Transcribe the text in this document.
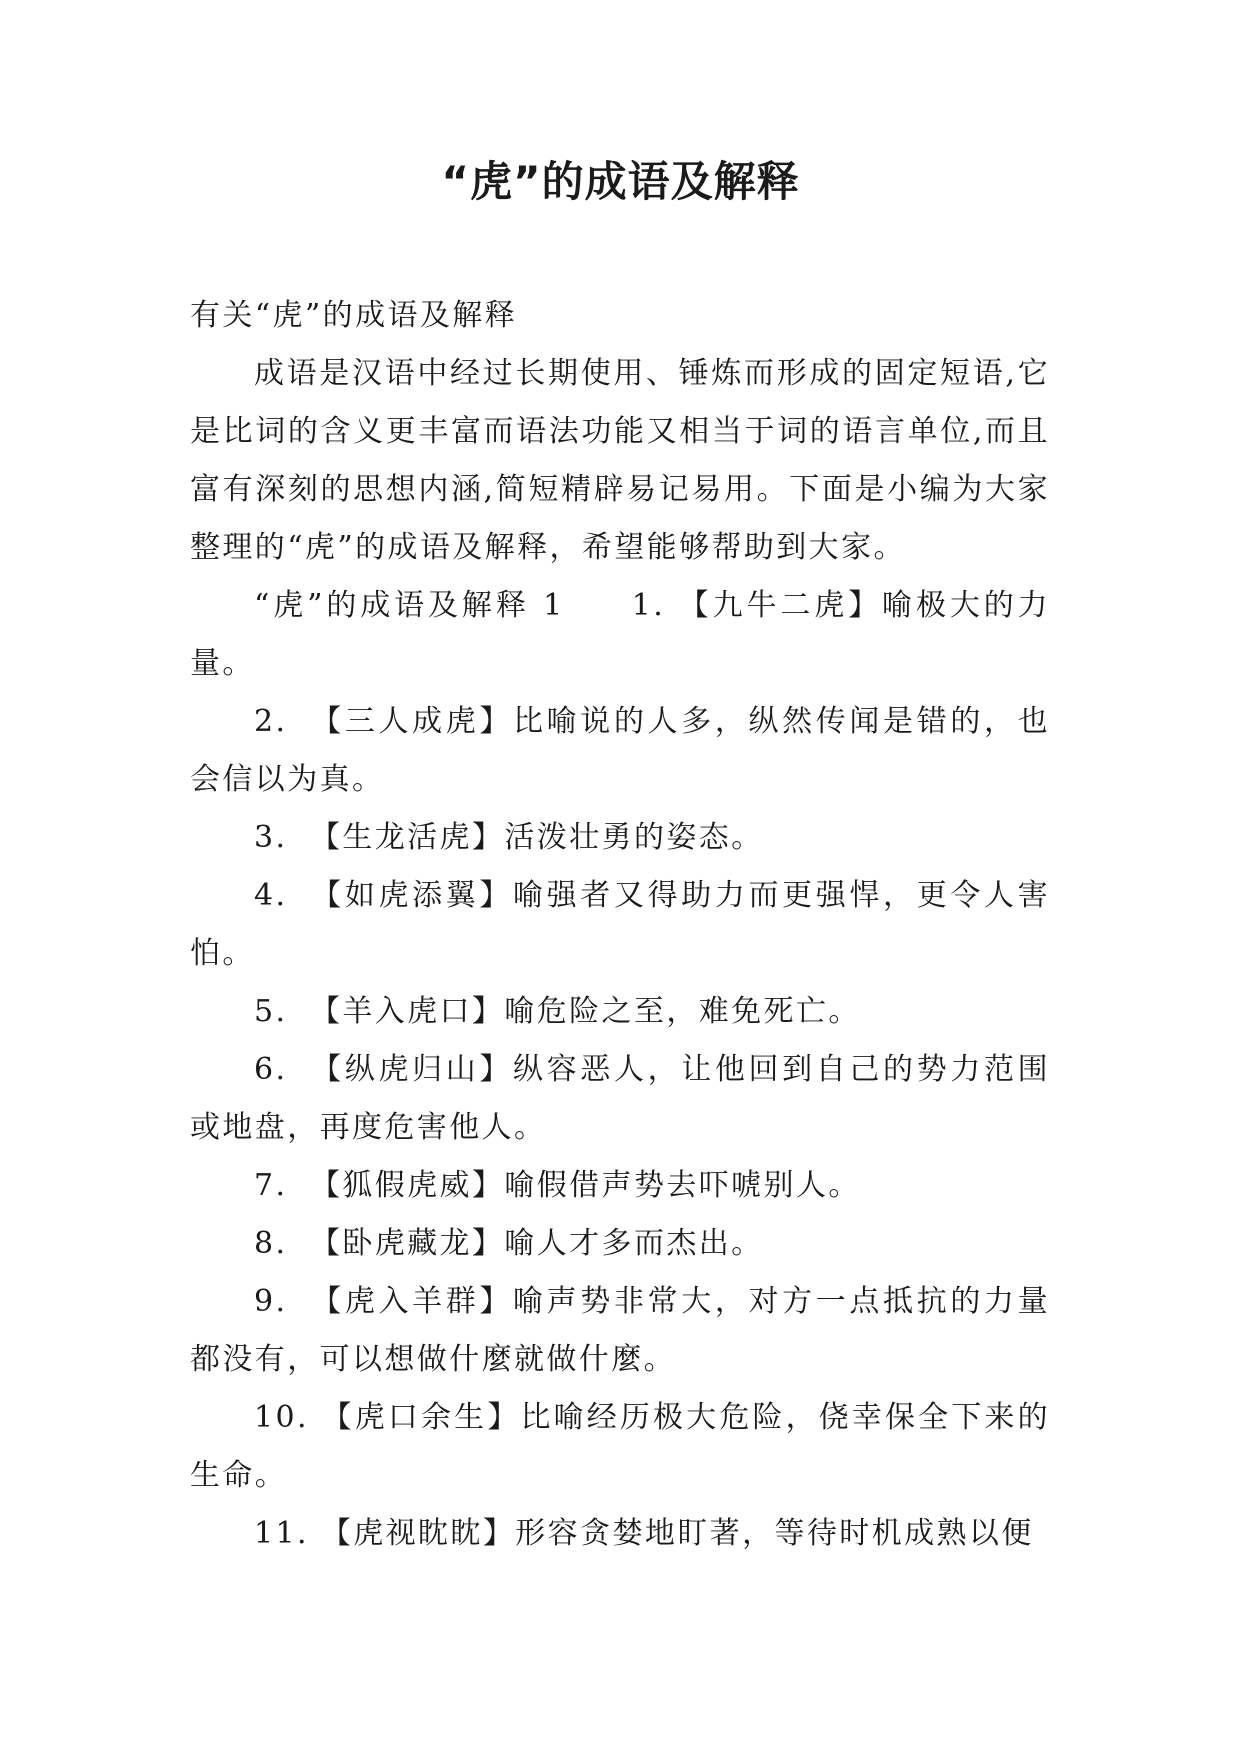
“虎”的成语及解释

有关“虎”的成语及解释

成语是汉语中经过长期使用、锤炼而形成的固定短语,它是比词的含义更丰富而语法功能又相当于词的语言单位,而且富有深刻的思想内涵,简短精辟易记易用。下面是小编为大家整理的“虎”的成语及解释，希望能够帮助到大家。

“虎”的成语及解释 1 1. 【九牛二虎】喻极大的力量。

2. 【三人成虎】比喻说的人多，纵然传闻是错的，也会信以为真。
3. 【生龙活虎】活泼壮勇的姿态。
4. 【如虎添翼】喻强者又得助力而更强悍，更令人害怕。
5. 【羊入虎口】喻危险之至，难免死亡。
6. 【纵虎归山】纵容恶人，让他回到自己的势力范围或地盘，再度危害他人。
7. 【狐假虎威】喻假借声势去吓唬别人。
8. 【卧虎藏龙】喻人才多而杰出。
9. 【虎入羊群】喻声势非常大，对方一点抵抗的力量都没有，可以想做什麼就做什麼。
10. 【虎口余生】比喻经历极大危险，侥幸保全下来的生命。
11. 【虎视眈眈】形容贪婪地盯著，等待时机成熟以便
